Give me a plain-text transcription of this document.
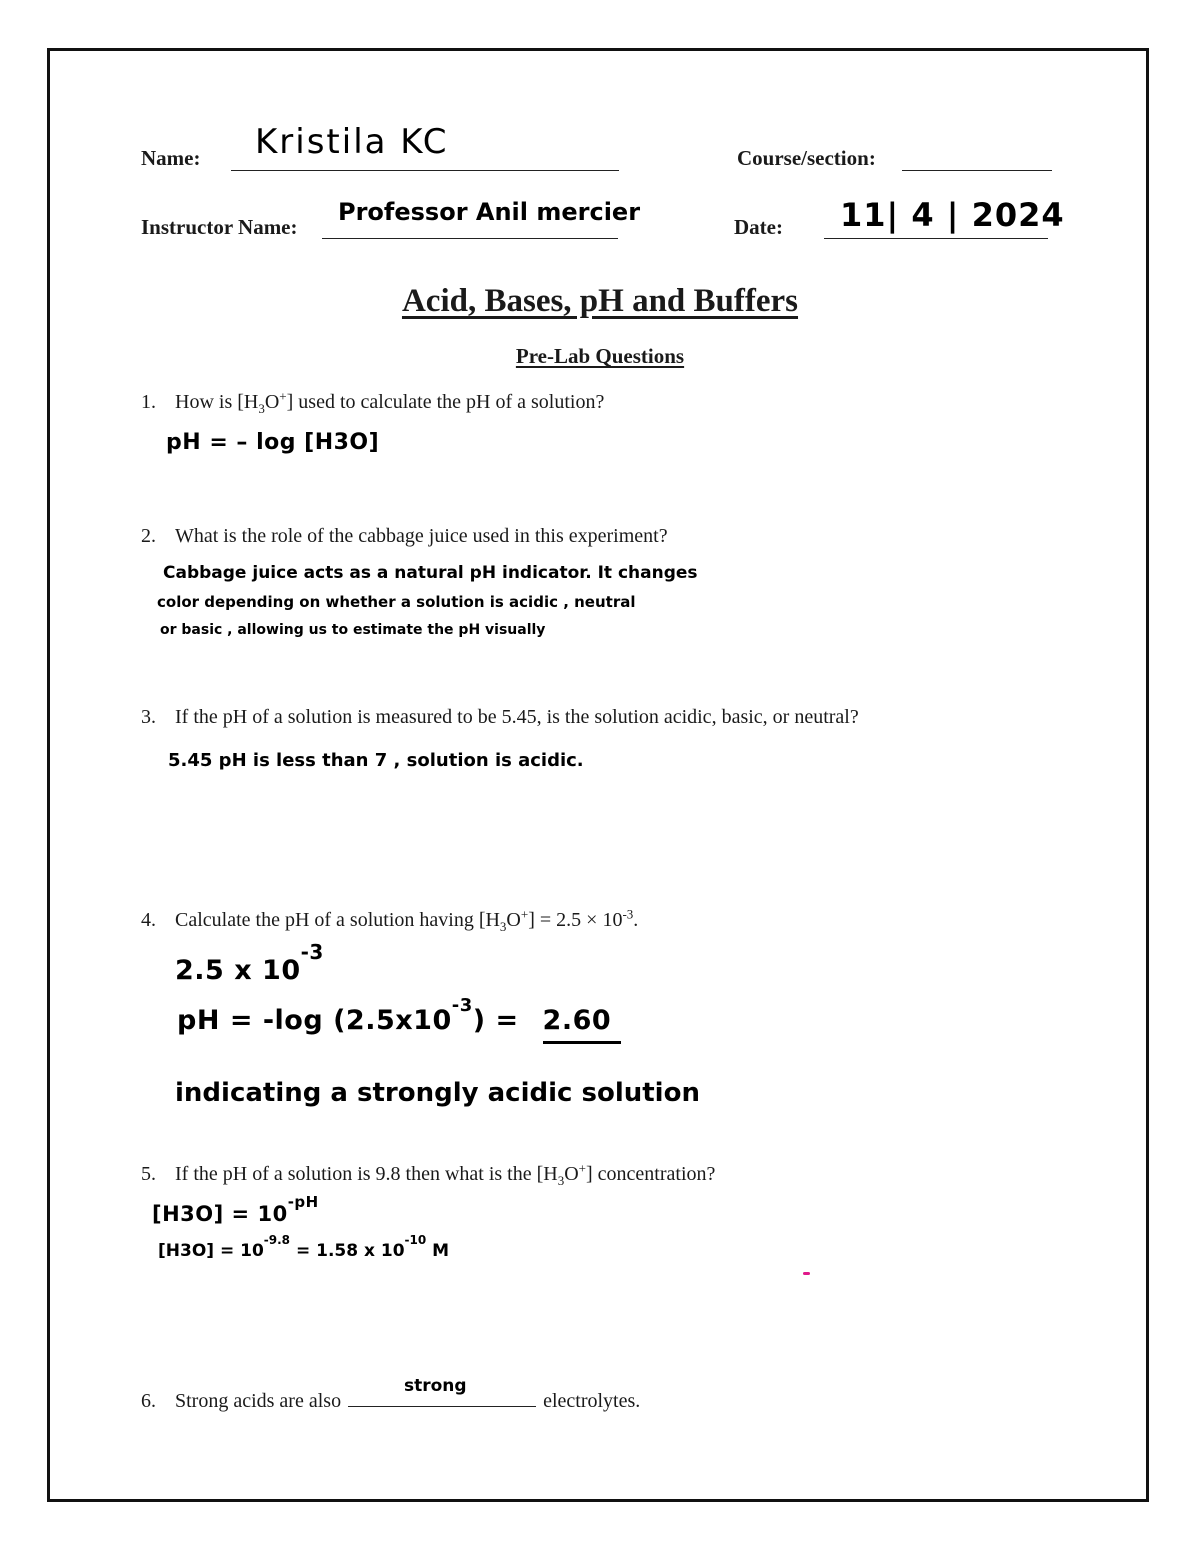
Name: Kristila KC	Course/section:
Instructor Name:
Professor Anil mercier
Date: 11| 4 | 2024
Acid, Bases, pH and Buffers
Pre-Lab Questions
1. How is $[H_3O^+]$ used to calculate the pH of a solution?
pH = – log [H3O]
2. What is the role of the cabbage juice used in this experiment?
Cabbage juice acts as a natural pH indicator. It changes
color depending on whether a solution is acidic , neutral
or basic , allowing us to estimate the pH visually
3. If the pH of a solution is measured to be 5.45, is the solution acidic, basic, or neutral?
5.45 pH is less than 7 , solution is acidic.
4. Calculate the pH of a solution having $[H_3O^+] = 2.5 \times 10^{-3}$.
2.5 x $10^{-3}$
pH = -log $(2.5x10^{-3}) = 2.60$
indicating a strongly acidic solution
5. If the pH of a solution is 9.8 then what is the $[H_3O^+]$ concentration?
$[H3O] = 10^{-pH}$
$[H3O] = 10^{-9.8} = 1.58$ x $10^{-10}$ M
6. Strong acids are also	electrolytes.
strong
